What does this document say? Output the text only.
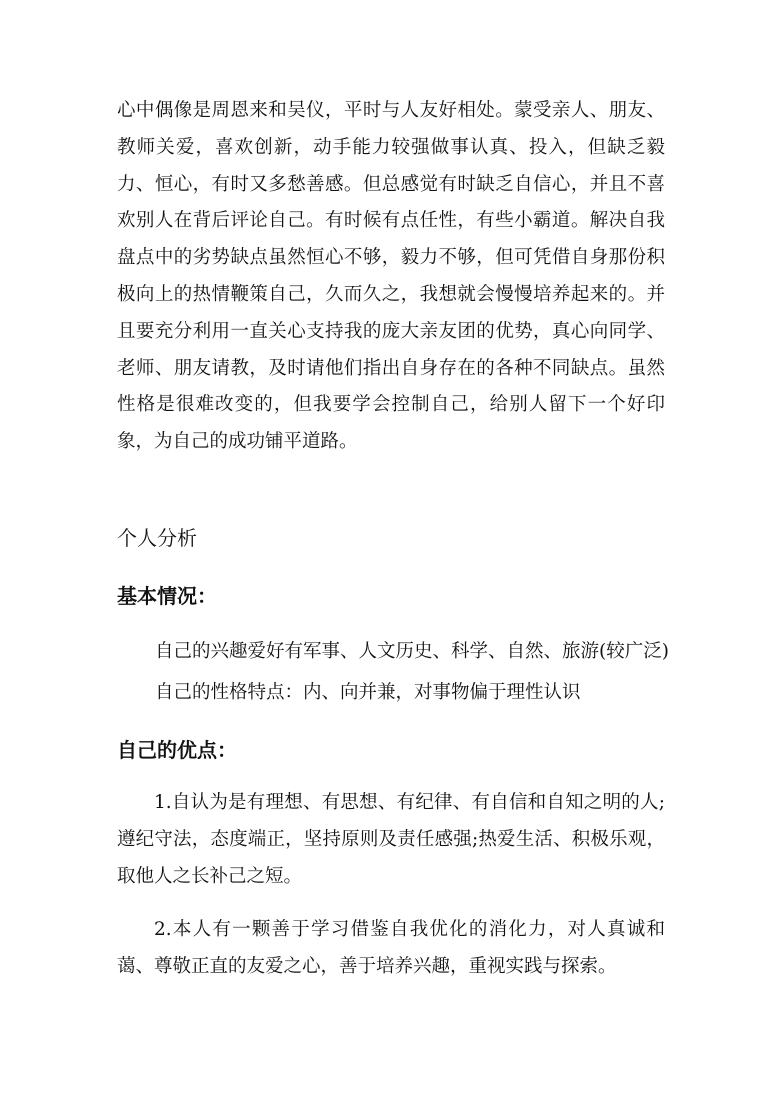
心中偶像是周恩来和吴仪，平时与人友好相处。蒙受亲人、朋友、教师关爱，喜欢创新，动手能力较强做事认真、投入，但缺乏毅力、恒心，有时又多愁善感。但总感觉有时缺乏自信心，并且不喜欢别人在背后评论自己。有时候有点任性，有些小霸道。解决自我盘点中的劣势缺点虽然恒心不够，毅力不够，但可凭借自身那份积极向上的热情鞭策自己，久而久之，我想就会慢慢培养起来的。并且要充分利用一直关心支持我的庞大亲友团的优势，真心向同学、老师、朋友请教，及时请他们指出自身存在的各种不同缺点。虽然性格是很难改变的，但我要学会控制自己，给别人留下一个好印象，为自己的成功铺平道路。

个人分析
基本情况：

自己的兴趣爱好有军事、人文历史、科学、自然、旅游(较广泛)

自己的性格特点：内、向并兼，对事物偏于理性认识

自己的优点：

1.自认为是有理想、有思想、有纪律、有自信和自知之明的人;遵纪守法，态度端正，坚持原则及责任感强;热爱生活、积极乐观，取他人之长补己之短。

2.本人有一颗善于学习借鉴自我优化的消化力，对人真诚和蔼、尊敬正直的友爱之心，善于培养兴趣，重视实践与探索。
